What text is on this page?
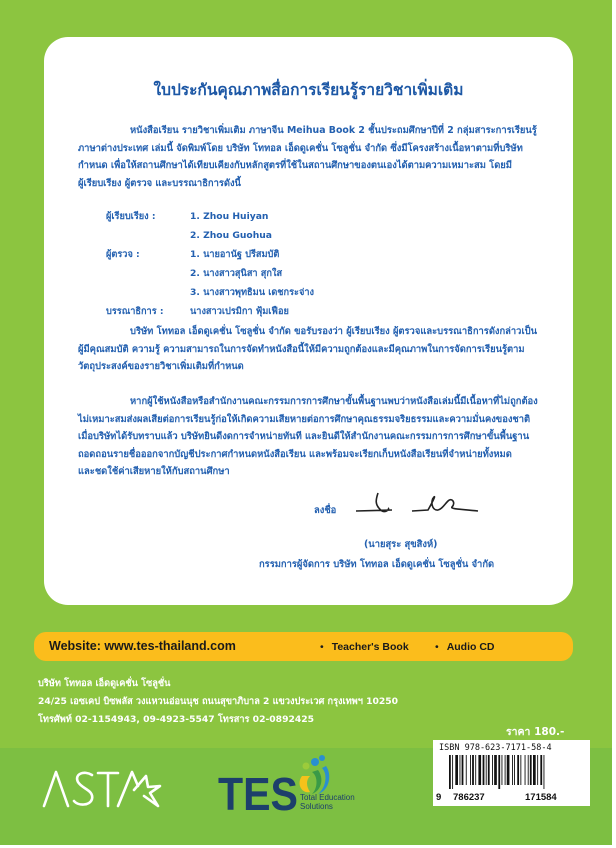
ใบประกันคุณภาพสื่อการเรียนรู้รายวิชาเพิ่มเติม
หนังสือเรียน รายวิชาเพิ่มเติม ภาษาจีน Meihua Book 2 ชั้นประถมศึกษาปีที่ 2 กลุ่มสาระการเรียนรู้
ภาษาต่างประเทศ เล่มนี้ จัดพิมพ์โดย บริษัท โททอล เอ็ดดูเคชั่น โซลูชั่น จำกัด ซึ่งมีโครงสร้างเนื้อหาตามที่บริษัท
กำหนด เพื่อให้สถานศึกษาได้เทียบเคียงกับหลักสูตรที่ใช้ในสถานศึกษาของตนเองได้ตามความเหมาะสม โดยมี
ผู้เรียบเรียง ผู้ตรวจ และบรรณาธิการดังนี้
ผู้เรียบเรียง :	1. Zhou Huiyan
2. Zhou Guohua
ผู้ตรวจ :	1. นายอานัฐ ปรีสมบัติ
2. นางสาวสุนิสา สุกใส
3. นางสาวพุทธิมน เดชกระจ่าง
บรรณาธิการ :	นางสาวเปรมิกา ฟุ้มเฟือย
บริษัท โททอล เอ็ดดูเคชั่น โซลูชั่น จำกัด ขอรับรองว่า ผู้เรียบเรียง ผู้ตรวจและบรรณาธิการดังกล่าวเป็น
ผู้มีคุณสมบัติ ความรู้ ความสามารถในการจัดทำหนังสือนี้ให้มีความถูกต้องและมีคุณภาพในการจัดการเรียนรู้ตาม
วัตถุประสงค์ของรายวิชาเพิ่มเติมที่กำหนด
หากผู้ใช้หนังสือหรือสำนักงานคณะกรรมการการศึกษาขั้นพื้นฐานพบว่าหนังสือเล่มนี้มีเนื้อหาที่ไม่ถูกต้อง
ไม่เหมาะสมส่งผลเสียต่อการเรียนรู้ก่อให้เกิดความเสียหายต่อการศึกษาคุณธรรมจริยธรรมและความมั่นคงของชาติ
เมื่อบริษัทได้รับทราบแล้ว บริษัทยินดีงดการจำหน่ายทันที และยินดีให้สำนักงานคณะกรรมการการศึกษาขั้นพื้นฐาน
ถอดถอนรายชื่อออกจากบัญชีประกาศกำหนดหนังสือเรียน และพร้อมจะเรียกเก็บหนังสือเรียนที่จำหน่ายทั้งหมด
และชดใช้ค่าเสียหายให้กับสถานศึกษา
ลงชื่อ
(นายสุระ สุขสิงห์)
กรรมการผู้จัดการ บริษัท โททอล เอ็ดดูเคชั่น โซลูชั่น จำกัด
Website: www.tes-thailand.com	• Teacher's Book	• Audio CD
บริษัท โททอล เอ็ดดูเคชั่น โซลูชั่น
24/25 เอซเคป บิซพลัส วงแหวนอ่อนนุช ถนนสุขาภิบาล 2 แขวงประเวศ กรุงเทพฯ 10250
โทรศัพท์ 02-1154943, 09-4923-5547 โทรสาร 02-0892425
ราคา 180.-
ISBN 978-623-7171-58-4
9 786237	171584
TES Total Education
Solutions
